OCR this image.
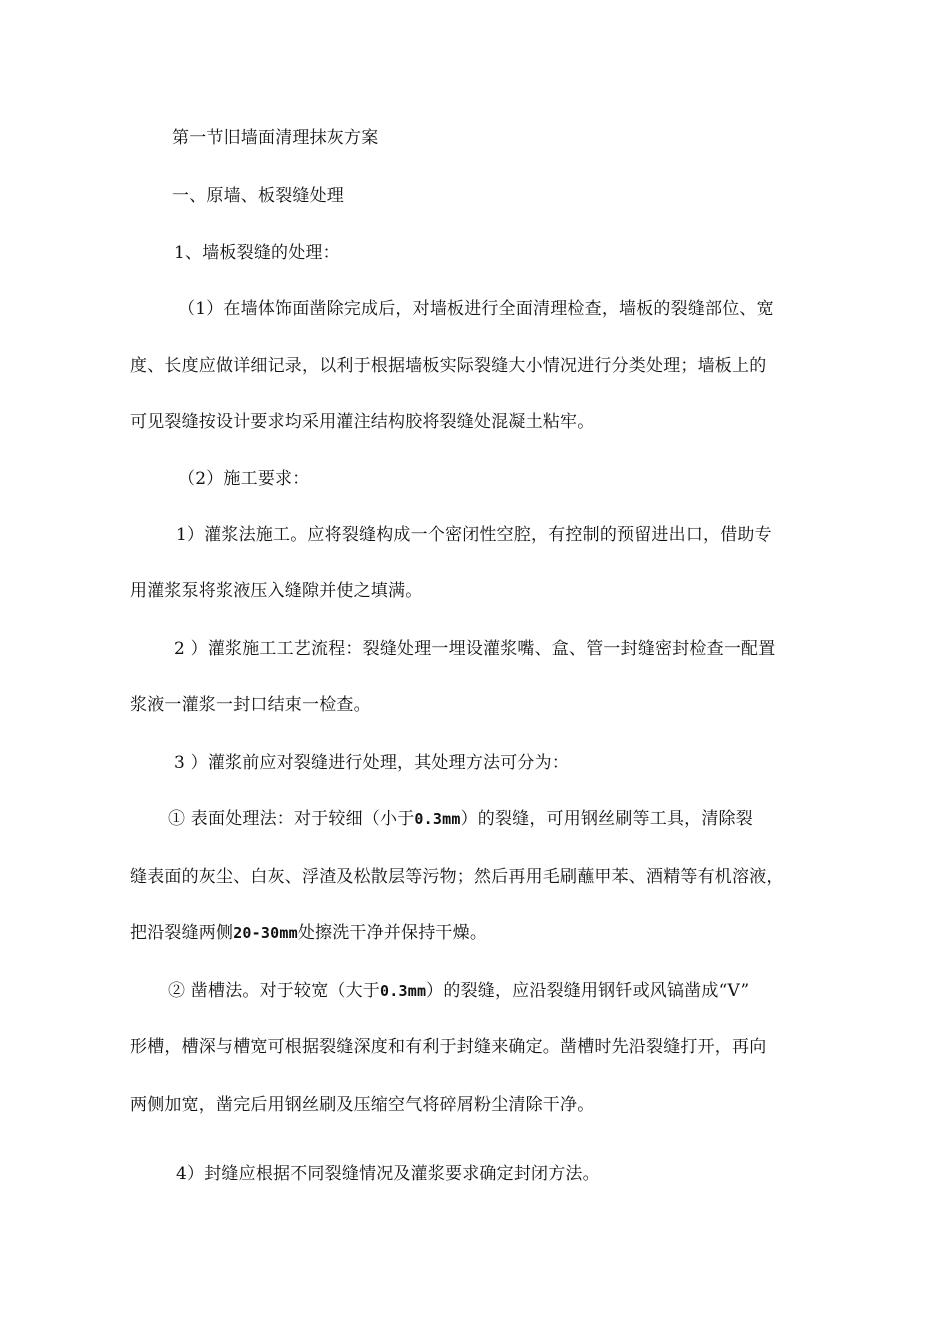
第一节旧墙面清理抹灰方案
一、原墙、板裂缝处理
1、墙板裂缝的处理：
（1）在墙体饰面凿除完成后，对墙板进行全面清理检查，墙板的裂缝部位、宽
度、长度应做详细记录，以利于根据墙板实际裂缝大小情况进行分类处理；墙板上的
可见裂缝按设计要求均采用灌注结构胶将裂缝处混凝土粘牢。
（2）施工要求：
1）灌浆法施工。应将裂缝构成一个密闭性空腔，有控制的预留进出口，借助专
用灌浆泵将浆液压入缝隙并使之填满。
2 ）灌浆施工工艺流程：裂缝处理一埋设灌浆嘴、盒、管一封缝密封检查一配置
浆液一灌浆一封口结束一检查。
3 ）灌浆前应对裂缝进行处理，其处理方法可分为：
① 表面处理法：对于较细（小于0.3mm）的裂缝，可用钢丝刷等工具，清除裂
缝表面的灰尘、白灰、浮渣及松散层等污物；然后再用毛刷蘸甲苯、酒精等有机溶液，
把沿裂缝两侧20-30mm处擦洗干净并保持干燥。
② 凿槽法。对于较宽（大于0.3mm）的裂缝，应沿裂缝用钢钎或风镐凿成“V”
形槽，槽深与槽宽可根据裂缝深度和有利于封缝来确定。凿槽时先沿裂缝打开，再向
两侧加宽，凿完后用钢丝刷及压缩空气将碎屑粉尘清除干净。
4）封缝应根据不同裂缝情况及灌浆要求确定封闭方法。
